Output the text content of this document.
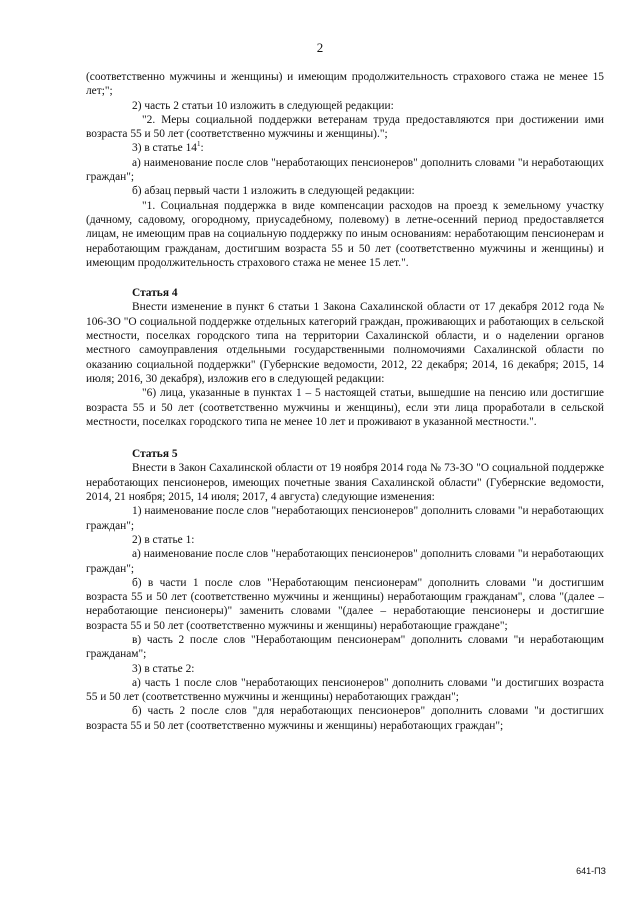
2

(соответственно мужчины и женщины) и имеющим продолжительность страхового стажа не менее 15 лет;";

2) часть 2 статьи 10 изложить в следующей редакции:

"2. Меры социальной поддержки ветеранам труда предоставляются при достижении ими возраста 55 и 50 лет (соответственно мужчины и женщины).";

3) в статье $14^1$:

а) наименование после слов "неработающих пенсионеров" дополнить словами "и неработающих граждан";

б) абзац первый части 1 изложить в следующей редакции:

"1. Социальная поддержка в виде компенсации расходов на проезд к земельному участку (дачному, садовому, огородному, приусадебному, полевому) в летне-осенний период предоставляется лицам, не имеющим прав на социальную поддержку по иным основаниям: неработающим пенсионерам и неработающим гражданам, достигшим возраста 55 и 50 лет (соответственно мужчины и женщины) и имеющим продолжительность страхового стажа не менее 15 лет.".

Статья 4

Внести изменение в пункт 6 статьи 1 Закона Сахалинской области от 17 декабря 2012 года № 106-ЗО "О социальной поддержке отдельных категорий граждан, проживающих и работающих в сельской местности, поселках городского типа на территории Сахалинской области, и о наделении органов местного самоуправления отдельными государственными полномочиями Сахалинской области по оказанию социальной поддержки" (Губернские ведомости, 2012, 22 декабря; 2014, 16 декабря; 2015, 14 июля; 2016, 30 декабря), изложив его в следующей редакции:

"6) лица, указанные в пунктах 1 – 5 настоящей статьи, вышедшие на пенсию или достигшие возраста 55 и 50 лет (соответственно мужчины и женщины), если эти лица проработали в сельской местности, поселках городского типа не менее 10 лет и проживают в указанной местности.".

Статья 5

Внести в Закон Сахалинской области от 19 ноября 2014 года № 73-ЗО "О социальной поддержке неработающих пенсионеров, имеющих почетные звания Сахалинской области" (Губернские ведомости, 2014, 21 ноября; 2015, 14 июля; 2017, 4 августа) следующие изменения:

1) наименование после слов "неработающих пенсионеров" дополнить словами "и неработающих граждан";

2) в статье 1:

а) наименование после слов "неработающих пенсионеров" дополнить словами "и неработающих граждан";

б) в части 1 после слов "Неработающим пенсионерам" дополнить словами "и достигшим возраста 55 и 50 лет (соответственно мужчины и женщины) неработающим гражданам", слова "(далее – неработающие пенсионеры)" заменить словами "(далее – неработающие пенсионеры и достигшие возраста 55 и 50 лет (соответственно мужчины и женщины) неработающие граждане";

в) часть 2 после слов "Неработающим пенсионерам" дополнить словами "и неработающим гражданам";

3) в статье 2:

а) часть 1 после слов "неработающих пенсионеров" дополнить словами "и достигших возраста 55 и 50 лет (соответственно мужчины и женщины) неработающих граждан";

б) часть 2 после слов "для неработающих пенсионеров" дополнить словами "и достигших возраста 55 и 50 лет (соответственно мужчины и женщины) неработающих граждан";

641-ПЗ
